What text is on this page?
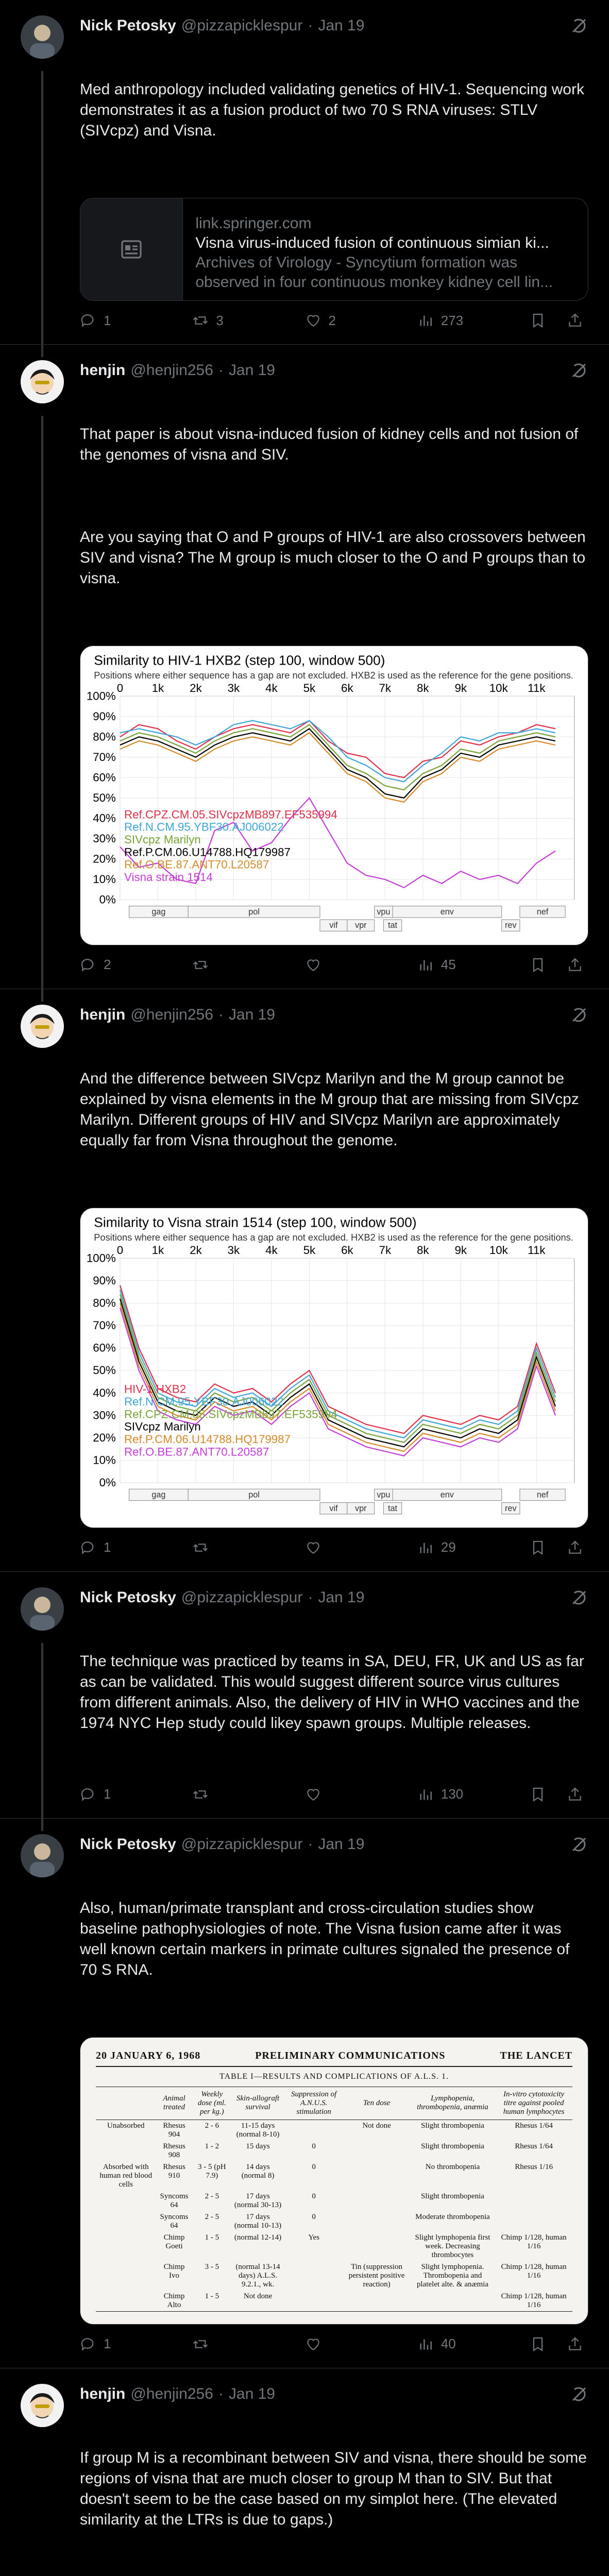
Nick Petosky @pizzapicklespur · Jan 19

Med anthropology included validating genetics of HIV-1. Sequencing work demonstrates it as a fusion product of two 70 S RNA viruses: STLV (SIVcpz) and Visna.

link.springer.com
Visna virus-induced fusion of continuous simian ki...
Archives of Virology - Syncytium formation was observed in four continuous monkey kidney cell lin...
1	3	2	273
henjin @henjin256 · Jan 19

That paper is about visna-induced fusion of kidney cells and not fusion of the genomes of visna and SIV.

Are you saying that O and P groups of HIV-1 are also crossovers between SIV and visna? The M group is much closer to the O and P groups than to visna.

Similarity to HIV-1 HXB2 (step 100, window 500)
Positions where either sequence has a gap are not excluded. HXB2 is used as the reference for the gene positions.
0%
10%
20%
30%
40%
50%
60%
70%
80%
90%
100%
0	1k 2k 3k 4k 5k 6k 7k 8k 9k 10k 11k
Ref.CPZ.CM.05.SIVcpzMB897.EF535994
Ref.N.CM.95.YBF30.AJ006022
SIVcpz Marilyn
Ref.P.CM.06.U14788.HQ179987
Ref.O.BE.87.ANT70.L20587
Visna strain 1514
gag	pol
vif vpr
vpu	env
tat	rev
nef
2	45
henjin @henjin256 · Jan 19

And the difference between SIVcpz Marilyn and the M group cannot be explained by visna elements in the M group that are missing from SIVcpz Marilyn. Different groups of HIV and SIVcpz Marilyn are approximately equally far from Visna throughout the genome.

Similarity to Visna strain 1514 (step 100, window 500)
Positions where either sequence has a gap are not excluded. HXB2 is used as the reference for the gene positions.
0%
10%
20%
30%
40%
50%
60%
70%
80%
90%
100%
0	1k 2k 3k 4k 5k 6k 7k 8k 9k 10k 11k
HIV-1 HXB2
Ref.N.CM.95.YBF30.AJ006022
Ref.CPZ.CM.05.SIVcpzMB897.EF535994
SIVcpz Marilyn
Ref.P.CM.06.U14788.HQ179987
Ref.O.BE.87.ANT70.L20587
gag	pol
vif vpr
vpu	env
tat	rev
nef
1	29
Nick Petosky @pizzapicklespur · Jan 19

The technique was practiced by teams in SA, DEU, FR, UK and US as far as can be validated. This would suggest different source virus cultures from different animals. Also, the delivery of HIV in WHO vaccines and the 1974 NYC Hep study could likey spawn groups. Multiple releases.

1	130
Nick Petosky @pizzapicklespur · Jan 19

Also, human/primate transplant and cross-circulation studies show baseline pathophysiologies of note. The Visna fusion came after it was well known certain markers in primate cultures signaled the presence of 70 S RNA.

20 JANUARY 6, 1968	PRELIMINARY COMMUNICATIONS	THE LANCET
TABLE I—RESULTS AND COMPLICATIONS OF A.L.S. 1.
	Animal treated	Weekly dose (ml. per kg.)	Skin-allograft survival	Suppression of A.N.U.S. stimulation	Ten dose	Lymphopenia, thrombopenia, anæmia	In-vitro cytotoxicity titre against pooled human lymphocytes
Unabsorbed	Rhesus 904	2 - 6	11-15 days (normal 8-10)		Not done	Slight thrombopenia	Rhesus 1/64
	Rhesus 908	1 - 2	15 days	0		Slight thrombopenia	Rhesus 1/64
Absorbed with human red blood cells	Rhesus 910	3 - 5 (pH 7.9)	14 days (normal 8)	0		No thrombopenia	Rhesus 1/16
	Syncoms 64	2 - 5	17 days (normal 30-13)	0		Slight thrombopenia	
	Syncoms 64	2 - 5	17 days (normal 10-13)	0		Moderate thrombopenia	
	Chimp Goeti	1 - 5	(normal 12-14)	Yes		Slight lymphopenia first week. Decreasing thrombocytes	Chimp 1/128, human 1/16
	Chimp Ivo	3 - 5	(normal 13-14 days) A.L.S. 9.2.1., wk.		Tin (suppression persistent positive reaction)	Slight lymphopenia. Thrombopenia and platelet alte. & anæmia	Chimp 1/128, human 1/16
	Chimp Alto	1 - 5	Not done				Chimp 1/128, human 1/16
1	40
henjin @henjin256 · Jan 19

If group M is a recombinant between SIV and visna, there should be some regions of visna that are much closer to group M than to SIV. But that doesn't seem to be the case based on my simplot here. (The elevated similarity at the LTRs is due to gaps.)
